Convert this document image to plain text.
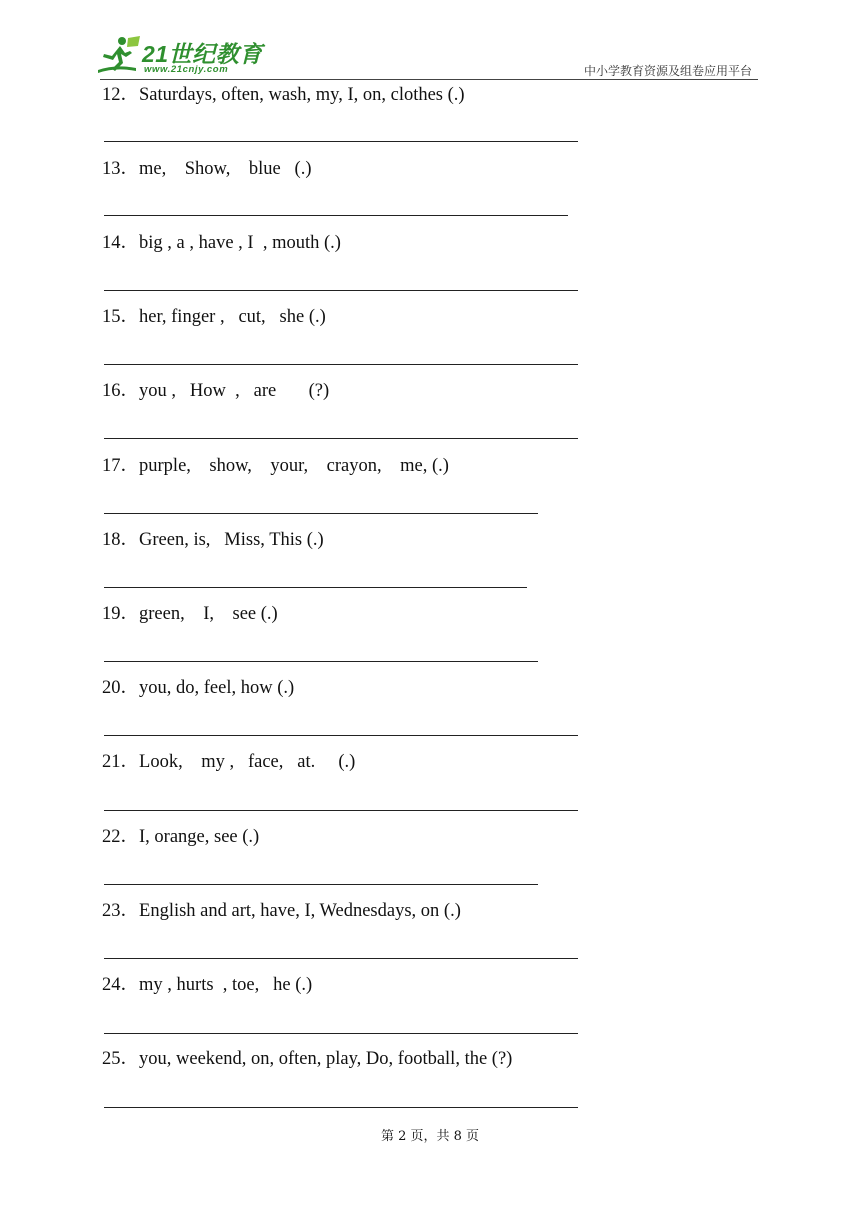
21世纪教育
www.21cnjy.com	中小学教育资源及组卷应用平台
12．Saturdays, often, wash, my, I, on, clothes (.)
13．me,    Show,    blue   (.)
14．big , a , have , I  , mouth (.)
15．her, finger ,   cut,   she (.)
16．you ,   How  ,   are       (?)
17．purple,    show,    your,    crayon,    me, (.)
18．Green, is,   Miss, This (.)
19．green,    I,    see (.)
20．you, do, feel, how (.)
21．Look,    my ,   face,   at.     (.)
22．I, orange, see (.)
23．English and art, have, I, Wednesdays, on (.)
24．my , hurts  , toe,   he (.)
25．you, weekend, on, often, play, Do, football, the (?)
第 2 页，共 8 页
